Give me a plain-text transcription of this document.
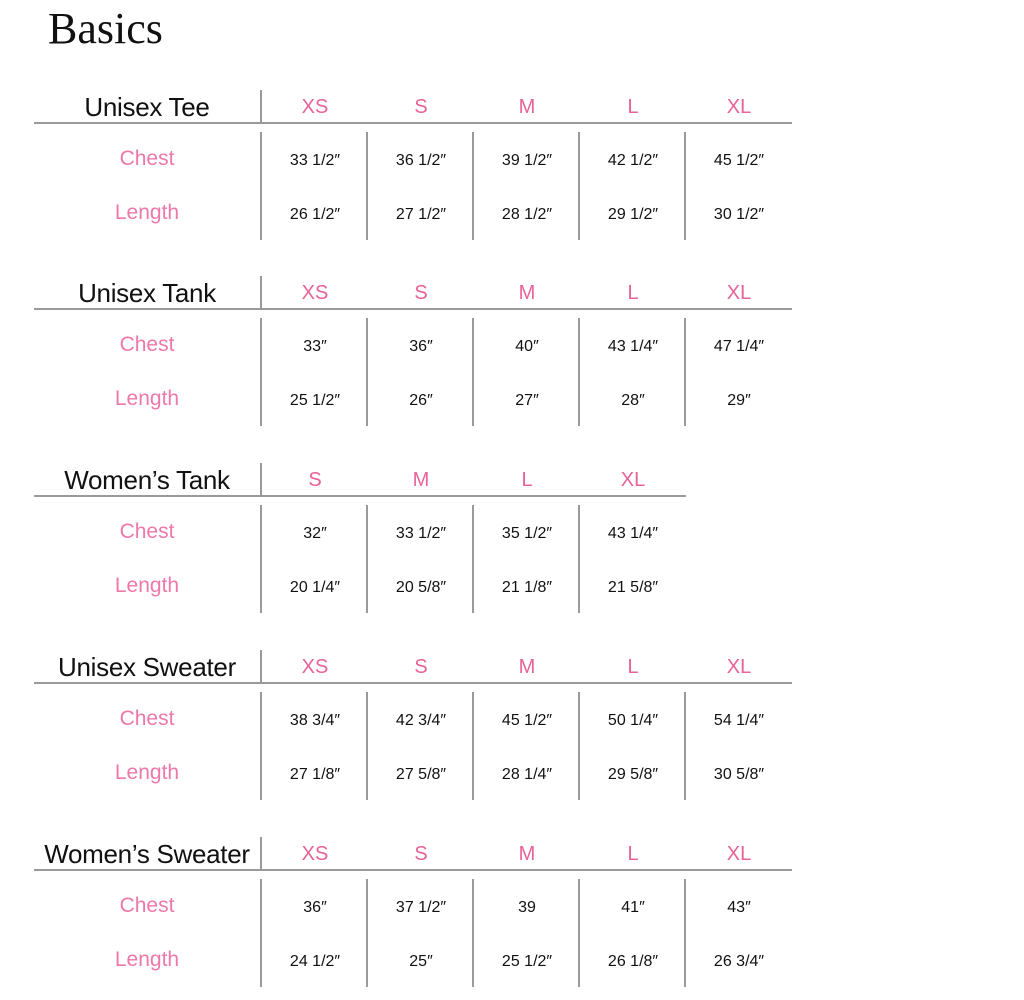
Basics
Unisex Tee	XS	S	M	L	XL
Chest	33 1/2″	36 1/2″	39 1/2″	42 1/2″	45 1/2″
Length	26 1/2″	27 1/2″	28 1/2″	29 1/2″	30 1/2″
Unisex Tank	XS	S	M	L	XL
Chest	33″	36″	40″	43 1/4″	47 1/4″
Length	25 1/2″	26″	27″	28″	29″
Women’s Tank	S	M	L	XL
Chest	32″	33 1/2″	35 1/2″	43 1/4″
Length	20 1/4″	20 5/8″	21 1/8″	21 5/8″
Unisex Sweater	XS	S	M	L	XL
Chest	38 3/4″	42 3/4″	45 1/2″	50 1/4″	54 1/4″
Length	27 1/8″	27 5/8″	28 1/4″	29 5/8″	30 5/8″
Women’s Sweater	XS	S	M	L	XL
Chest	36″	37 1/2″	39	41″	43″
Length	24 1/2″	25″	25 1/2″	26 1/8″	26 3/4″
